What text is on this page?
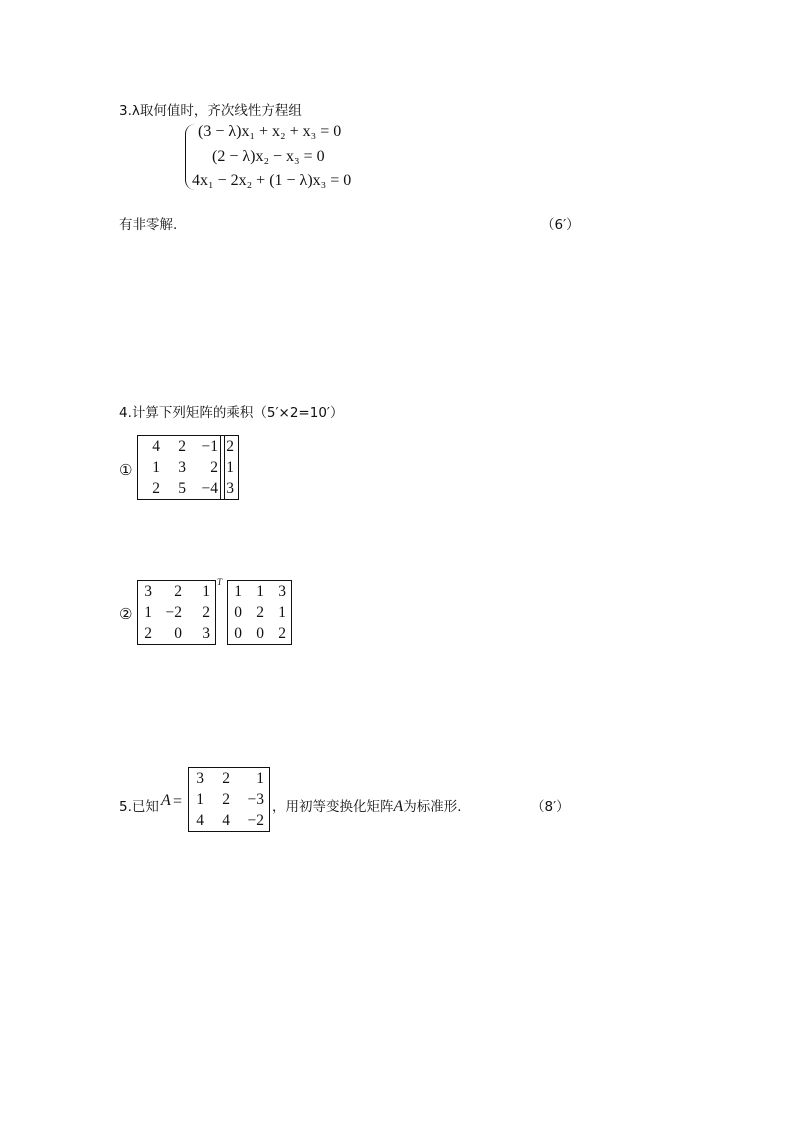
3.λ取何值时，齐次线性方程组
(3 − λ)x₁ + x₂ + x₃ = 0
(2 − λ)x₂ − x₃ = 0
4x₁ − 2x₂ + (1 − λ)x₃ = 0
有非零解.	（6′）
4.计算下列矩阵的乘积（5′×2=10′）
①
4	2	−1
1	3	2
2	5	−4
2
1
3
②
3	2	1
1 −2	2
2	0	3
T
1 1 3
0 2 1
0 0 2
5.已知 A =
3	2	1
1	2	−3
4	4	−2
，用初等变换化矩阵A为标准形.	（8′）
